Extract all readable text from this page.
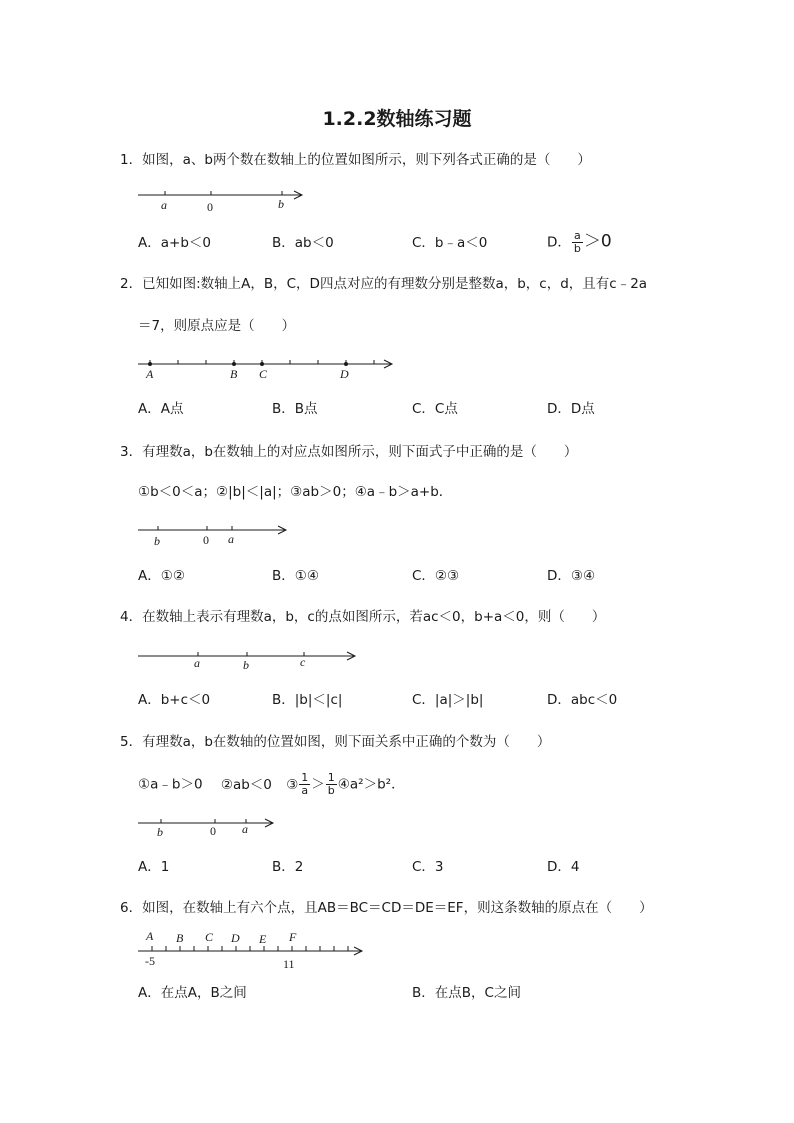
1.2.2数轴练习题
1．如图，a、b两个数在数轴上的位置如图所示，则下列各式正确的是（　　）
a	0	b
A．a+b＜0	B．ab＜0	C．b﹣a＜0	D． $\frac{a}{b} >0$
2．已知如图:数轴上A，B，C，D四点对应的有理数分别是整数a，b，c，d，且有c﹣2a
＝7，则原点应是（　　）
A	B C	D
A．A点	B．B点	C．C点	D．D点
3．有理数a，b在数轴上的对应点如图所示，则下面式子中正确的是（　　）
①b＜0＜a；②|b|＜|a|；③ab＞0；④a﹣b＞a+b．
b	0 a
A．①②	B．①④	C．②③	D．③④
4．在数轴上表示有理数a，b，c的点如图所示，若ac＜0，b+a＜0，则（　　）
a	b	c
A．b+c＜0	B．|b|＜|c|	C．|a|＞|b|	D．abc＜0
5．有理数a，b在数轴的位置如图，则下面关系中正确的个数为（　　）
①a﹣b＞0 ②ab＜0 ③ $\frac{1}{a} > \frac{1}{b}$ ④a²＞b²．
b	0 a
A．1	B．2	C．3	D．4
6．如图，在数轴上有六个点，且AB＝BC＝CD＝DE＝EF，则这条数轴的原点在（　　）
A B C D E F
-5	11
A．在点A，B之间	B．在点B，C之间
